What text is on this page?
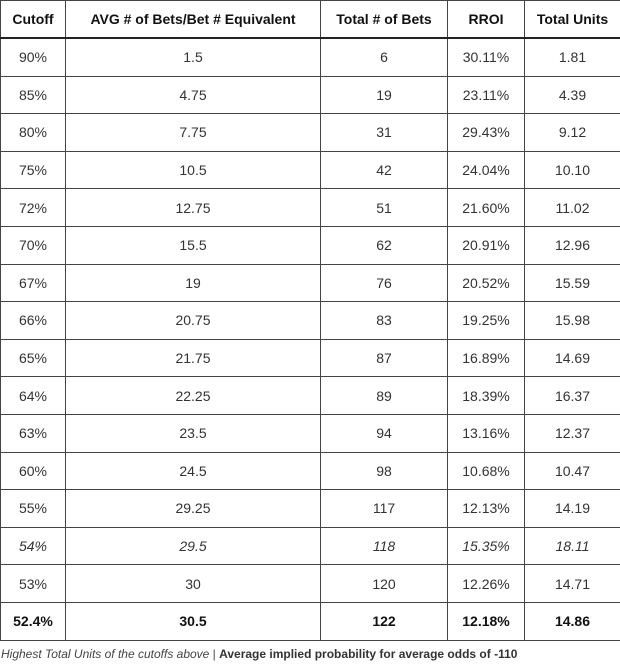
Cutoff	AVG # of Bets/Bet # Equivalent	Total # of Bets	RROI	Total Units
90%	1.5	6	30.11%	1.81
85%	4.75	19	23.11%	4.39
80%	7.75	31	29.43%	9.12
75%	10.5	42	24.04%	10.10
72%	12.75	51	21.60%	11.02
70%	15.5	62	20.91%	12.96
67%	19	76	20.52%	15.59
66%	20.75	83	19.25%	15.98
65%	21.75	87	16.89%	14.69
64%	22.25	89	18.39%	16.37
63%	23.5	94	13.16%	12.37
60%	24.5	98	10.68%	10.47
55%	29.25	117	12.13%	14.19
54%	29.5	118	15.35%	18.11
53%	30	120	12.26%	14.71
52.4%	30.5	122	12.18%	14.86
Highest Total Units of the cutoffs above | Average implied probability for average odds of -110
